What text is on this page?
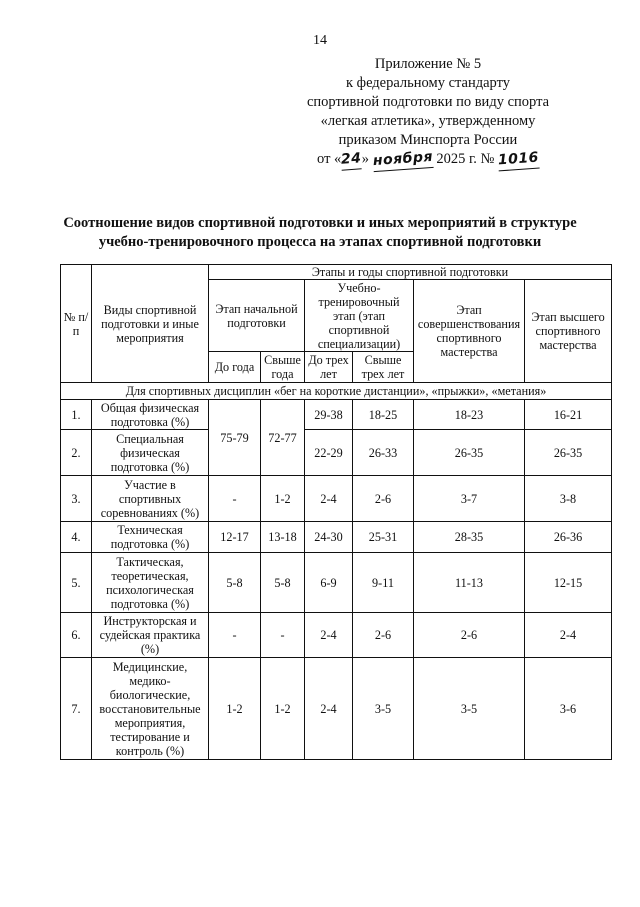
14
Приложение № 5
к федеральному стандарту
спортивной подготовки по виду спорта
«легкая атлетика», утвержденному
приказом Минспорта России
от «24» ноября 2025 г. № 1016
Соотношение видов спортивной подготовки и иных мероприятий в структуре
учебно-тренировочного процесса на этапах спортивной подготовки
№ п/п	Виды спортивной подготовки и иные мероприятия	Этапы и годы спортивной подготовки					
		Этап начальной подготовки		Учебно-тренировочный этап (этап спортивной специализации)		Этап совершенствования спортивного мастерства	Этап высшего спортивного мастерства
		До года	Свыше года	До трех лет	Свыше трех лет		
Для спортивных дисциплин «бег на короткие дистанции», «прыжки», «метания»							
1.	Общая физическая подготовка (%)	75-79	72-77	29-38	18-25	18-23	16-21
2.	Специальная физическая подготовка (%)			22-29	26-33	26-35	26-35
3.	Участие в спортивных соревнованиях (%)	-	1-2	2-4	2-6	3-7	3-8
4.	Техническая подготовка (%)	12-17	13-18	24-30	25-31	28-35	26-36
5.	Тактическая, теоретическая, психологическая подготовка (%)	5-8	5-8	6-9	9-11	11-13	12-15
6.	Инструкторская и судейская практика (%)	-	-	2-4	2-6	2-6	2-4
7.	Медицинские, медико-биологические, восстановительные мероприятия, тестирование и контроль (%)	1-2	1-2	2-4	3-5	3-5	3-6
